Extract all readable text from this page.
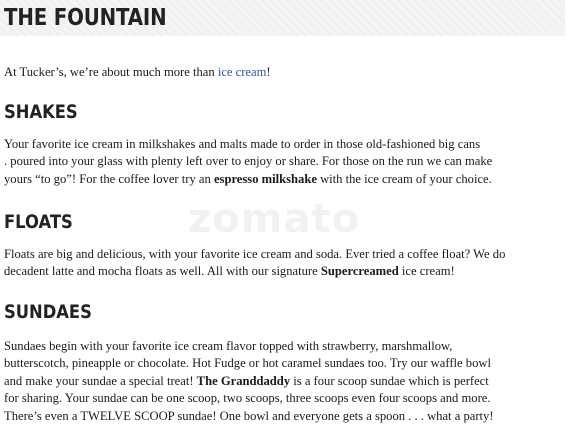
THE FOUNTAIN
zomato

At Tucker’s, we’re about much more than ice cream!

SHAKES

Your favorite ice cream in milkshakes and malts made to order in those old-fashioned big cans
. poured into your glass with plenty left over to enjoy or share. For those on the run we can make
yours “to go”! For the coffee lover try an espresso milkshake with the ice cream of your choice.

FLOATS

Floats are big and delicious, with your favorite ice cream and soda. Ever tried a coffee float? We do
decadent latte and mocha floats as well. All with our signature Supercreamed ice cream!

SUNDAES

Sundaes begin with your favorite ice cream flavor topped with strawberry, marshmallow,
butterscotch, pineapple or chocolate. Hot Fudge or hot caramel sundaes too. Try our waffle bowl
and make your sundae a special treat! The Granddaddy is a four scoop sundae which is perfect
for sharing. Your sundae can be one scoop, two scoops, three scoops even four scoops and more.
There’s even a TWELVE SCOOP sundae! One bowl and everyone gets a spoon . . . what a party!
